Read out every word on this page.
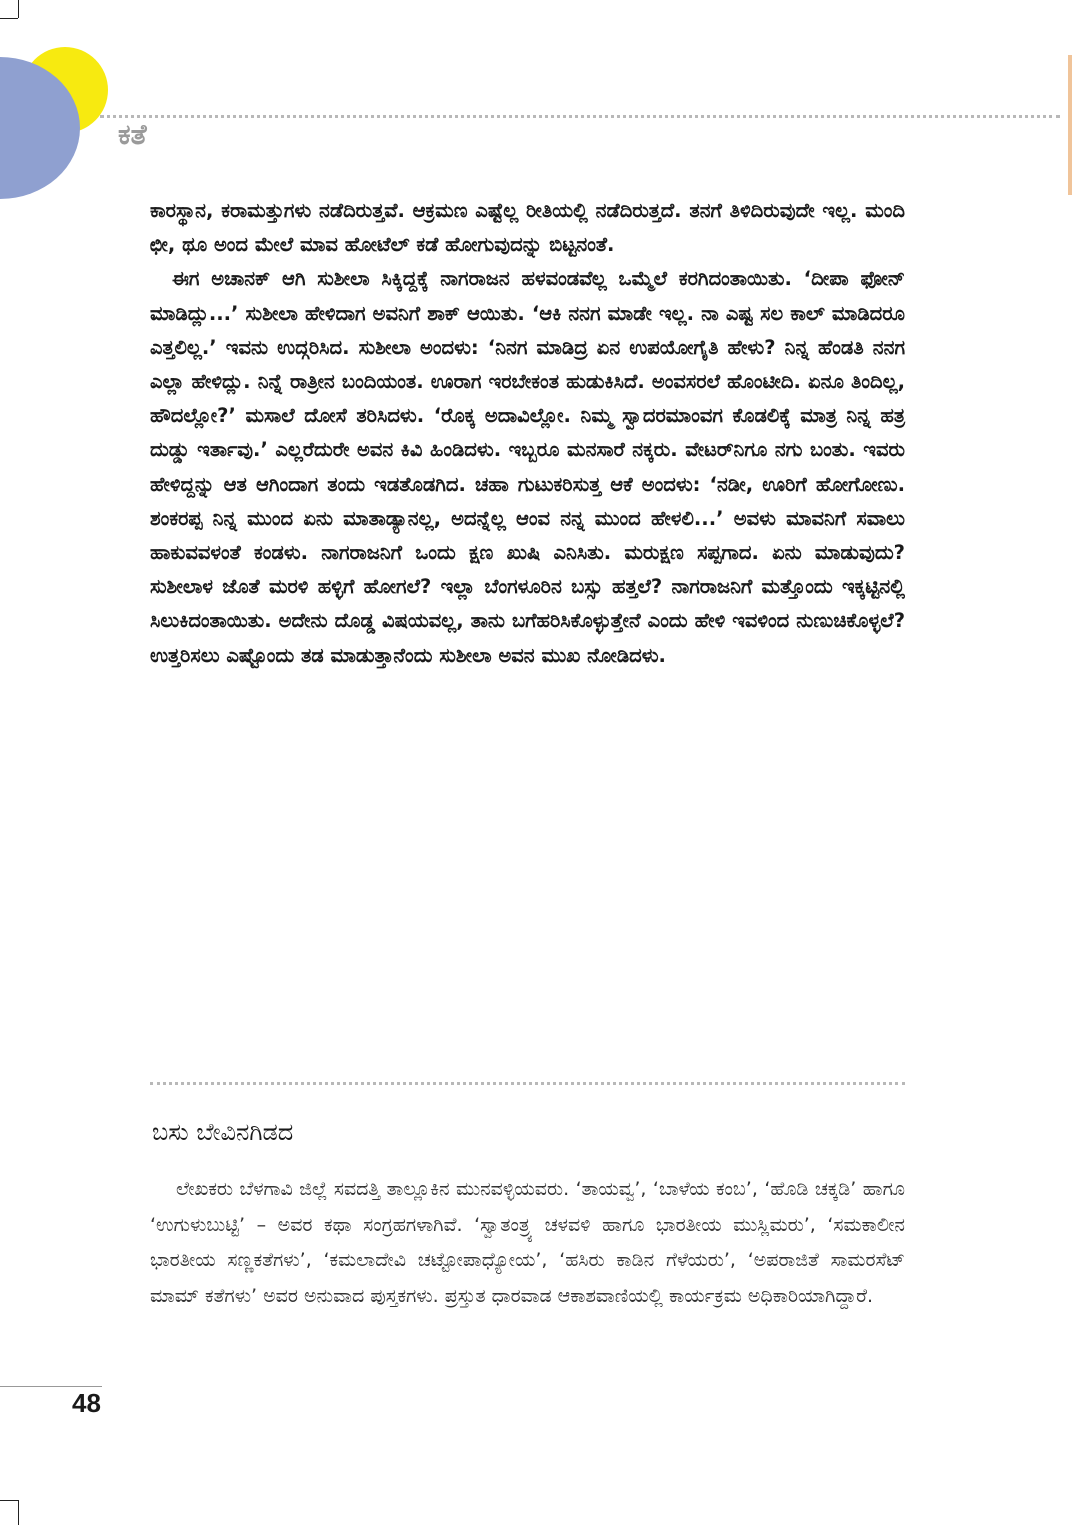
ಕತೆ

ಕಾರಸ್ಥಾನ, ಕರಾಮತ್ತುಗಳು ನಡೆದಿರುತ್ತವೆ. ಆಕ್ರಮಣ ಎಷ್ಟೆಲ್ಲ ರೀತಿಯಲ್ಲಿ ನಡೆದಿರುತ್ತದೆ. ತನಗೆ ತಿಳಿದಿರುವುದೇ ಇಲ್ಲ. ಮಂದಿ ಛೀ, ಥೂ ಅಂದ ಮೇಲೆ ಮಾವ ಹೋಟೆಲ್ ಕಡೆ ಹೋಗುವುದನ್ನು ಬಿಟ್ಟನಂತೆ.

ಈಗ ಅಚಾನಕ್ ಆಗಿ ಸುಶೀಲಾ ಸಿಕ್ಕಿದ್ದಕ್ಕೆ ನಾಗರಾಜನ ಹಳವಂಡವೆಲ್ಲ ಒಮ್ಮೆಲೆ ಕರಗಿದಂತಾಯಿತು. ‘ದೀಪಾ ಫೋನ್ ಮಾಡಿದ್ಲು...’ ಸುಶೀಲಾ ಹೇಳಿದಾಗ ಅವನಿಗೆ ಶಾಕ್ ಆಯಿತು. ‘ಆಕಿ ನನಗ ಮಾಡೇ ಇಲ್ಲ. ನಾ ಎಷ್ಟ ಸಲ ಕಾಲ್ ಮಾಡಿದರೂ ಎತ್ತಲಿಲ್ಲ.’ ಇವನು ಉದ್ಗರಿಸಿದ. ಸುಶೀಲಾ ಅಂದಳು: ‘ನಿನಗ ಮಾಡಿದ್ರ ಏನ ಉಪಯೋಗೈತಿ ಹೇಳು? ನಿನ್ನ ಹೆಂಡತಿ ನನಗ ಎಲ್ಲಾ ಹೇಳಿದ್ಲು. ನಿನ್ನೆ ರಾತ್ರೀನ ಬಂದಿಯಂತ. ಊರಾಗ ಇರಬೇಕಂತ ಹುಡುಕಿಸಿದೆ. ಅಂವಸರಲೆ ಹೊಂಟೀದಿ. ಏನೂ ತಿಂದಿಲ್ಲ, ಹೌದಲ್ಲೋ?’ ಮಸಾಲೆ ದೋಸೆ ತರಿಸಿದಳು. ‘ರೊಕ್ಕ ಅದಾವಿಲ್ಲೋ. ನಿಮ್ಮ ಸ್ವಾದರಮಾಂವಗ ಕೊಡಲಿಕ್ಕೆ ಮಾತ್ರ ನಿನ್ನ ಹತ್ರ ದುಡ್ಡು ಇರ್ತಾವು.’ ಎಲ್ಲರೆದುರೇ ಅವನ ಕಿವಿ ಹಿಂಡಿದಳು. ಇಬ್ಬರೂ ಮನಸಾರೆ ನಕ್ಕರು. ವೇಟರ್‌ನಿಗೂ ನಗು ಬಂತು. ಇವರು ಹೇಳಿದ್ದನ್ನು ಆತ ಆಗಿಂದಾಗ ತಂದು ಇಡತೊಡಗಿದ. ಚಹಾ ಗುಟುಕರಿಸುತ್ತ ಆಕೆ ಅಂದಳು: ‘ನಡೀ, ಊರಿಗೆ ಹೋಗೋಣು. ಶಂಕರಪ್ಪ ನಿನ್ನ ಮುಂದ ಏನು ಮಾತಾಡ್ಯಾನಲ್ಲ, ಅದನ್ನೆಲ್ಲ ಆಂವ ನನ್ನ ಮುಂದ ಹೇಳಲಿ...’ ಅವಳು ಮಾವನಿಗೆ ಸವಾಲು ಹಾಕುವವಳಂತೆ ಕಂಡಳು. ನಾಗರಾಜನಿಗೆ ಒಂದು ಕ್ಷಣ ಖುಷಿ ಎನಿಸಿತು. ಮರುಕ್ಷಣ ಸಪ್ಪಗಾದ. ಏನು ಮಾಡುವುದು? ಸುಶೀಲಾಳ ಜೊತೆ ಮರಳಿ ಹಳ್ಳಿಗೆ ಹೋಗಲೆ? ಇಲ್ಲಾ ಬೆಂಗಳೂರಿನ ಬಸ್ಸು ಹತ್ತಲೆ? ನಾಗರಾಜನಿಗೆ ಮತ್ತೊಂದು ಇಕ್ಕಟ್ಟಿನಲ್ಲಿ ಸಿಲುಕಿದಂತಾಯಿತು. ಅದೇನು ದೊಡ್ಡ ವಿಷಯವಲ್ಲ, ತಾನು ಬಗೆಹರಿಸಿಕೊಳ್ಳುತ್ತೇನೆ ಎಂದು ಹೇಳಿ ಇವಳಿಂದ ನುಣುಚಿಕೊಳ್ಳಲೆ? ಉತ್ತರಿಸಲು ಎಷ್ಟೊಂದು ತಡ ಮಾಡುತ್ತಾನೆಂದು ಸುಶೀಲಾ ಅವನ ಮುಖ ನೋಡಿದಳು.

ಬಸು ಬೇವಿನಗಿಡದ

ಲೇಖಕರು ಬೆಳಗಾವಿ ಜಿಲ್ಲೆ ಸವದತ್ತಿ ತಾಲ್ಲೂಕಿನ ಮುನವಳ್ಳಿಯವರು. ‘ತಾಯವ್ವ’, ‘ಬಾಳೆಯ ಕಂಬ’, ‘ಹೊಡಿ ಚಕ್ಕಡಿ’ ಹಾಗೂ ‘ಉಗುಳುಬುಟ್ಟಿ’ – ಅವರ ಕಥಾ ಸಂಗ್ರಹಗಳಾಗಿವೆ. ‘ಸ್ವಾತಂತ್ರ್ಯ ಚಳವಳಿ ಹಾಗೂ ಭಾರತೀಯ ಮುಸ್ಲಿಮರು’, ‘ಸಮಕಾಲೀನ ಭಾರತೀಯ ಸಣ್ಣಕತೆಗಳು’, ‘ಕಮಲಾದೇವಿ ಚಟ್ಟೋಪಾಧ್ಯೋಯ’, ‘ಹಸಿರು ಕಾಡಿನ ಗೆಳೆಯರು’, ‘ಅಪರಾಜಿತೆ ಸಾಮರಸೆಟ್ ಮಾಮ್ ಕತೆಗಳು’ ಅವರ ಅನುವಾದ ಪುಸ್ತಕಗಳು. ಪ್ರಸ್ತುತ ಧಾರವಾಡ ಆಕಾಶವಾಣಿಯಲ್ಲಿ ಕಾರ್ಯಕ್ರಮ ಅಧಿಕಾರಿಯಾಗಿದ್ದಾರೆ.

48
